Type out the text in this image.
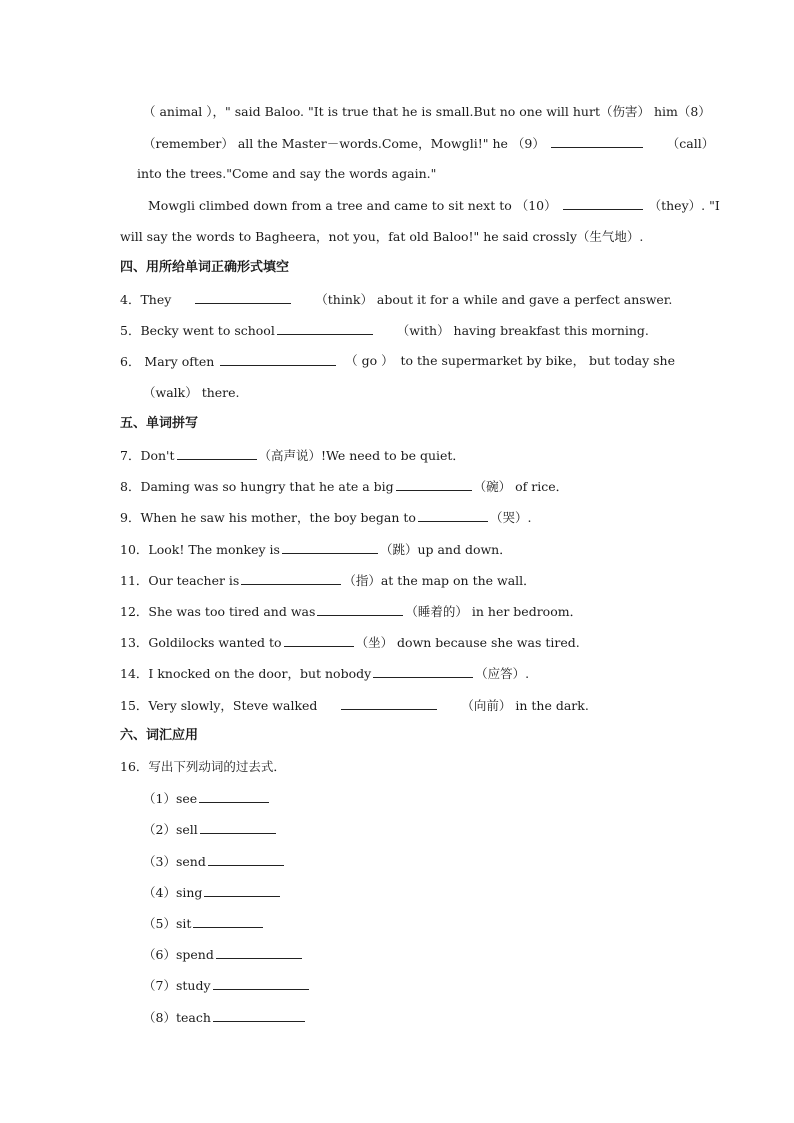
（ animal ），" said Baloo. "It is true that he is small.But no one will hurt（伤害） him（8）
（remember） all the Master－words.Come，Mowgli!" he （9）	（call）
into the trees."Come and say the words again."
Mowgli climbed down from a tree and came to sit next to （10）	（they）. "I
will say the words to Bagheera，not you，fat old Baloo!" he said crossly（生气地）.
四、用所给单词正确形式填空
4．They	（think） about it for a while and gave a perfect answer.
5．Becky went to school	（with） having breakfast this morning.
6． Mary often	（ go ） to the supermarket by bike， but today she
（walk） there.
五、单词拼写
7．Don't	（高声说）!We need to be quiet．
8．Daming was so hungry that he ate a big	（碗） of rice．
9．When he saw his mother，the boy began to	（哭）.
10．Look! The monkey is	（跳）up and down．
11．Our teacher is	（指）at the map on the wall．
12．She was too tired and was	（睡着的） in her bedroom．
13．Goldilocks wanted to	（坐） down because she was tired.
14．I knocked on the door，but nobody	（应答）.
15．Very slowly，Steve walked	（向前） in the dark.
六、词汇应用
16．写出下列动词的过去式．
（1）see
（2）sell
（3）send
（4）sing
（5）sit
（6）spend
（7）study
（8）teach
